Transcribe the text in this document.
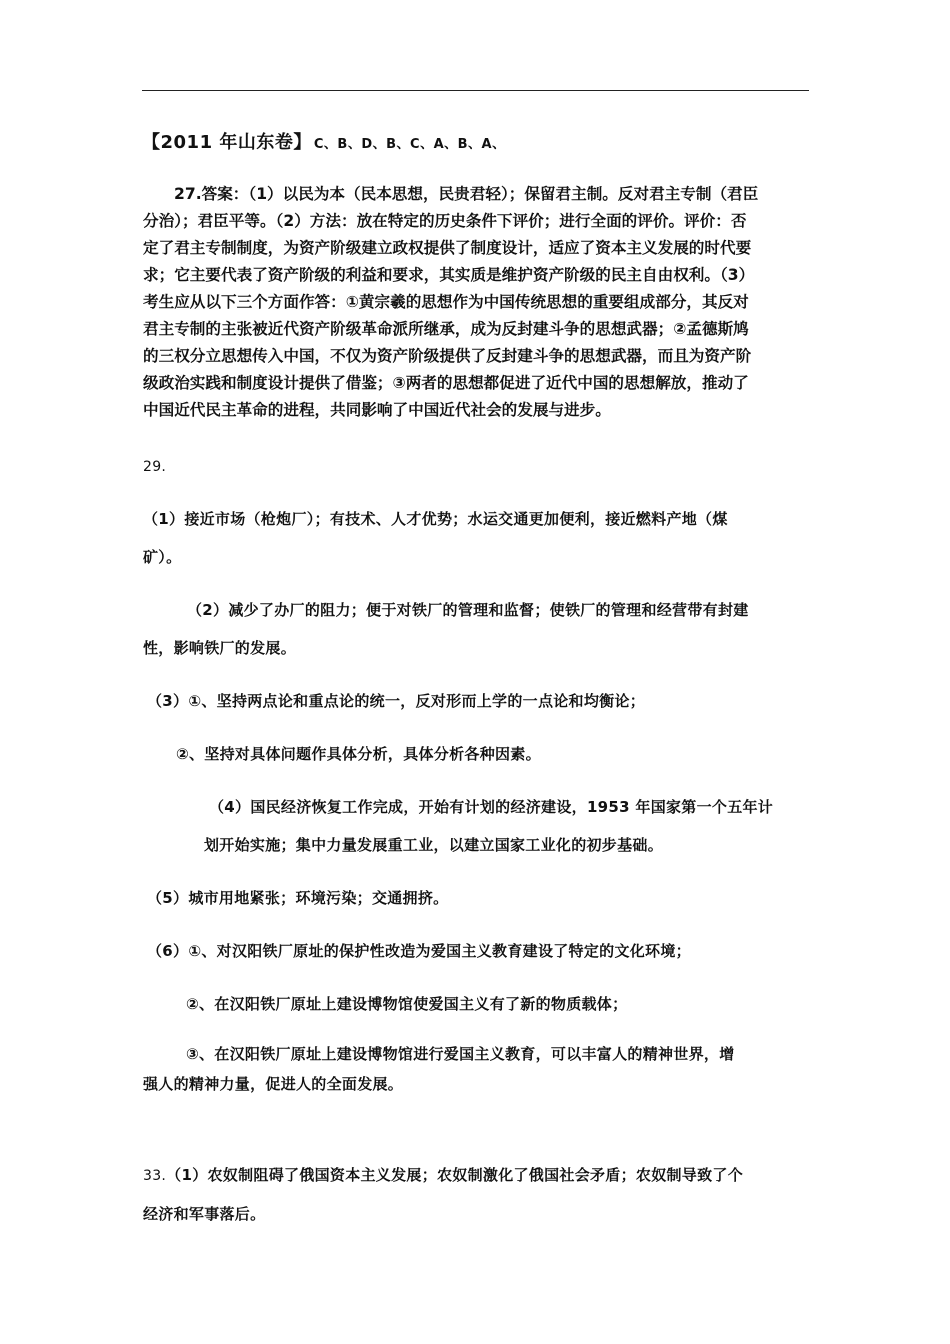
【2011 年山东卷】 C、B、D、B、C、A、B、A、
27.答案：（1）以民为本（民本思想，民贵君轻）；保留君主制。反对君主专制（君臣
分治）；君臣平等。（2）方法：放在特定的历史条件下评价；进行全面的评价。评价：否
定了君主专制制度，为资产阶级建立政权提供了制度设计，适应了资本主义发展的时代要
求；它主要代表了资产阶级的利益和要求，其实质是维护资产阶级的民主自由权利。（3）
考生应从以下三个方面作答：①黄宗羲的思想作为中国传统思想的重要组成部分，其反对
君主专制的主张被近代资产阶级革命派所继承，成为反封建斗争的思想武器；②孟德斯鸠
的三权分立思想传入中国，不仅为资产阶级提供了反封建斗争的思想武器，而且为资产阶
级政治实践和制度设计提供了借鉴；③两者的思想都促进了近代中国的思想解放，推动了
中国近代民主革命的进程，共同影响了中国近代社会的发展与进步。
29.
（1）接近市场（枪炮厂）；有技术、人才优势；水运交通更加便利，接近燃料产地（煤
矿）。
（2）减少了办厂的阻力；便于对铁厂的管理和监督；使铁厂的管理和经营带有封建
性，影响铁厂的发展。
（3）①、坚持两点论和重点论的统一，反对形而上学的一点论和均衡论；
②、坚持对具体问题作具体分析，具体分析各种因素。
（4）国民经济恢复工作完成，开始有计划的经济建设，1953 年国家第一个五年计
划开始实施；集中力量发展重工业，以建立国家工业化的初步基础。
（5）城市用地紧张；环境污染；交通拥挤。
（6）①、对汉阳铁厂原址的保护性改造为爱国主义教育建设了特定的文化环境；
②、在汉阳铁厂原址上建设博物馆使爱国主义有了新的物质载体；
③、在汉阳铁厂原址上建设博物馆进行爱国主义教育，可以丰富人的精神世界，增
强人的精神力量，促进人的全面发展。
33.（1）农奴制阻碍了俄国资本主义发展；农奴制激化了俄国社会矛盾；农奴制导致了个
经济和军事落后。
